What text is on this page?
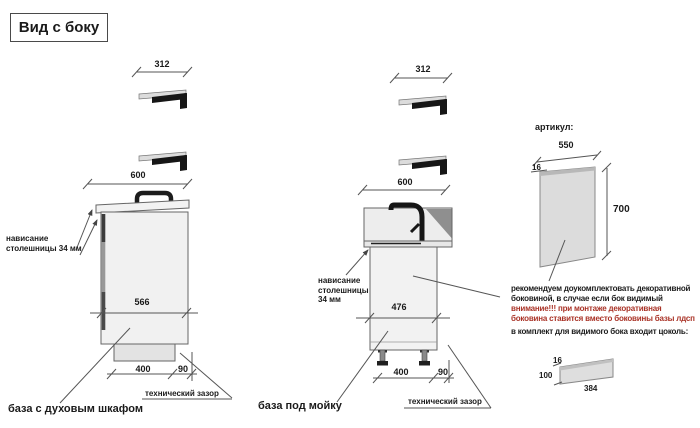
Вид с боку
312
600
566
400	90
312
600
476
400	90
артикул:
550
16
700
16
100
384
нависание
столешницы 34 мм
нависание
столешницы
34 мм
технический зазор
технический зазор
база с духовым шкафом	база под мойку
рекомендуем доукомплектовать декоративной
боковиной, в случае если бок видимый
внимание!!! при монтаже декоративная
боковина ставится вместо боковины базы лдсп
в комплект для видимого бока входит цоколь:
